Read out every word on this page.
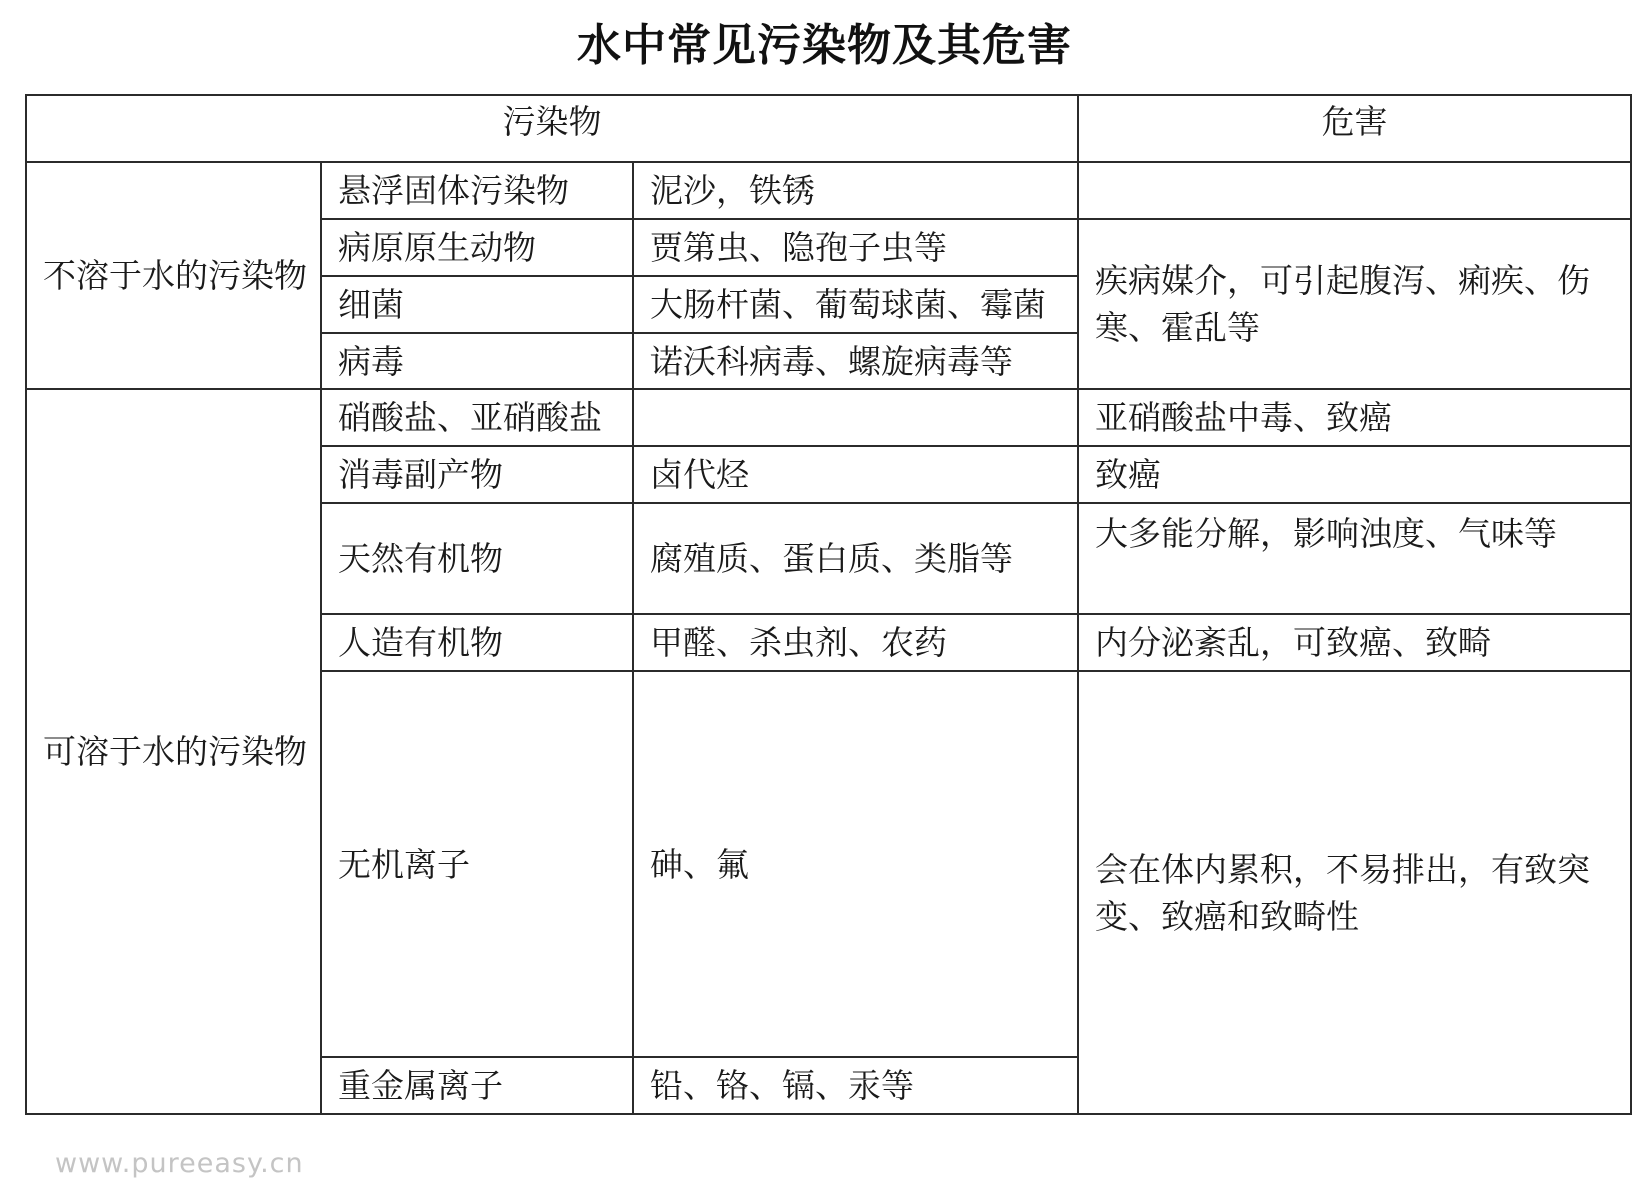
水中常见污染物及其危害
污染物			危害
不溶于水的污染物	悬浮固体污染物	泥沙，铁锈	
	病原原生动物	贾第虫、隐孢子虫等	疾病媒介，可引起腹泻、痢疾、伤寒、霍乱等
	细菌	大肠杆菌、葡萄球菌、霉菌	
	病毒	诺沃科病毒、螺旋病毒等	
可溶于水的污染物	硝酸盐、亚硝酸盐		亚硝酸盐中毒、致癌
	消毒副产物	卤代烃	致癌
	天然有机物	腐殖质、蛋白质、类脂等	大多能分解，影响浊度、气味等
	人造有机物	甲醛、杀虫剂、农药	内分泌紊乱，可致癌、致畸
	无机离子	砷、氟	会在体内累积，不易排出，有致突变、致癌和致畸性
	重金属离子	铅、铬、镉、汞等	
www.pureeasy.cn
